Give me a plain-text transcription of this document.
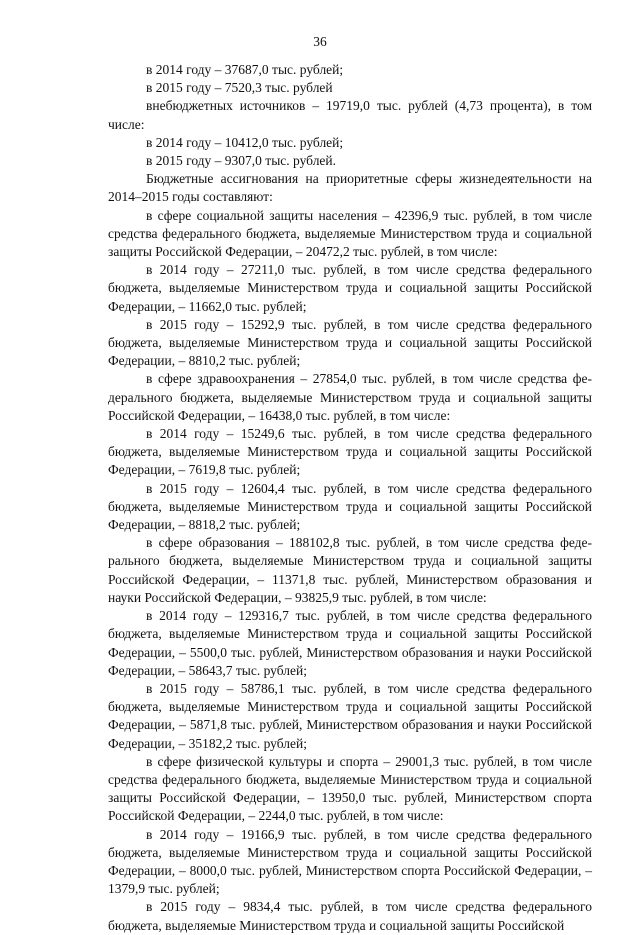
36

в 2014 году – 37687,0 тыс. рублей;

в 2015 году – 7520,3 тыс. рублей

внебюджетных источников – 19719,0 тыс. рублей (4,73 процента), в том числе:

в 2014 году – 10412,0 тыс. рублей;

в 2015 году – 9307,0 тыс. рублей.

Бюджетные ассигнования на приоритетные сферы жизнедеятельности на 2014–2015 годы составляют:

в сфере социальной защиты населения – 42396,9 тыс. рублей, в том числе средства федерального бюджета, выделяемые Министерством труда и социальной защиты Российской Федерации, – 20472,2 тыс. рублей, в том числе:

в 2014 году – 27211,0 тыс. рублей, в том числе средства федерального бюджета, выделяемые Министерством труда и социальной защиты Российской Федерации, – 11662,0 тыс. рублей;

в 2015 году – 15292,9 тыс. рублей, в том числе средства федерального бюджета, выделяемые Министерством труда и социальной защиты Российской Федерации, – 8810,2 тыс. рублей;

в сфере здравоохранения – 27854,0 тыс. рублей, в том числе средства федерального бюджета, выделяемые Министерством труда и социальной защиты Российской Федерации, – 16438,0 тыс. рублей, в том числе:

в 2014 году – 15249,6 тыс. рублей, в том числе средства федерального бюджета, выделяемые Министерством труда и социальной защиты Российской Федерации, – 7619,8 тыс. рублей;

в 2015 году – 12604,4 тыс. рублей, в том числе средства федерального бюджета, выделяемые Министерством труда и социальной защиты Российской Федерации, – 8818,2 тыс. рублей;

в сфере образования – 188102,8 тыс. рублей, в том числе средства федерального бюджета, выделяемые Министерством труда и социальной защиты Российской Федерации, – 11371,8 тыс. рублей, Министерством образования и науки Российской Федерации, – 93825,9 тыс. рублей, в том числе:

в 2014 году – 129316,7 тыс. рублей, в том числе средства федерального бюджета, выделяемые Министерством труда и социальной защиты Российской Федерации, – 5500,0 тыс. рублей, Министерством образования и науки Российской Федерации, – 58643,7 тыс. рублей;

в 2015 году – 58786,1 тыс. рублей, в том числе средства федерального бюджета, выделяемые Министерством труда и социальной защиты Российской Федерации, – 5871,8 тыс. рублей, Министерством образования и науки Российской Федерации, – 35182,2 тыс. рублей;

в сфере физической культуры и спорта – 29001,3 тыс. рублей, в том числе средства федерального бюджета, выделяемые Министерством труда и социальной защиты Российской Федерации, – 13950,0 тыс. рублей, Министерством спорта Российской Федерации, – 2244,0 тыс. рублей, в том числе:

в 2014 году – 19166,9 тыс. рублей, в том числе средства федерального бюджета, выделяемые Министерством труда и социальной защиты Российской Федерации, – 8000,0 тыс. рублей, Министерством спорта Российской Федерации, – 1379,9 тыс. рублей;

в 2015 году – 9834,4 тыс. рублей, в том числе средства федерального бюджета, выделяемые Министерством труда и социальной защиты Российской
